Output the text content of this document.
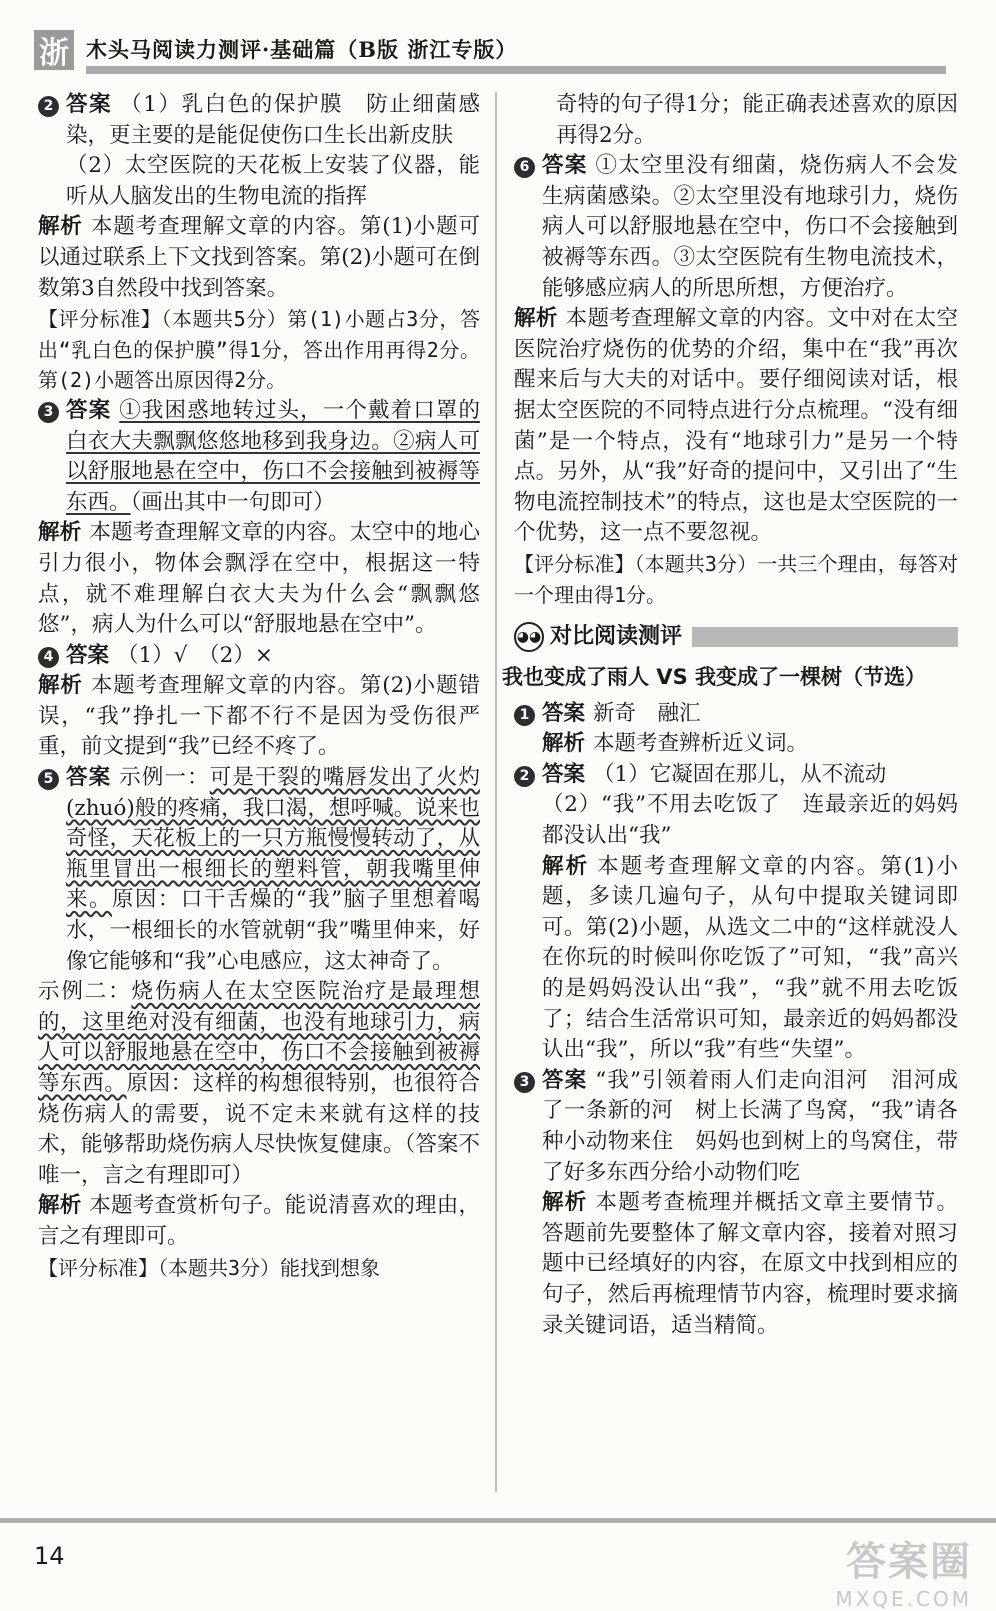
浙 木头马阅读力测评·基础篇（B版 浙江专版）
2 答案 （1）乳白色的保护膜　防止细菌感染，更主要的是能促使伤口生长出新皮肤

（2）太空医院的天花板上安装了仪器，能听从人脑发出的生物电流的指挥

解析 本题考查理解文章的内容。第(1)小题可以通过联系上下文找到答案。第(2)小题可在倒数第3自然段中找到答案。

【评分标准】（本题共5分）第(1)小题占3分，答出“乳白色的保护膜”得1分，答出作用再得2分。第(2)小题答出原因得2分。

3 答案 ①我困惑地转过头，一个戴着口罩的白衣大夫飘飘悠悠地移到我身边。②病人可以舒服地悬在空中，伤口不会接触到被褥等东西。（画出其中一句即可）

解析 本题考查理解文章的内容。太空中的地心引力很小，物体会飘浮在空中，根据这一特点，就不难理解白衣大夫为什么会“飘飘悠悠”，病人为什么可以“舒服地悬在空中”。

4 答案 （1）√　（2）×

解析 本题考查理解文章的内容。第(2)小题错误，“我”挣扎一下都不行不是因为受伤很严重，前文提到“我”已经不疼了。

5 答案 示例一：可是干裂的嘴唇发出了火灼(zhuó)般的疼痛，我口渴，想呼喊。说来也奇怪，天花板上的一只方瓶慢慢转动了，从瓶里冒出一根细长的塑料管，朝我嘴里伸来。原因：口干舌燥的“我”脑子里想着喝水，一根细长的水管就朝“我”嘴里伸来，好像它能够和“我”心电感应，这太神奇了。

示例二：烧伤病人在太空医院治疗是最理想的，这里绝对没有细菌，也没有地球引力，病人可以舒服地悬在空中，伤口不会接触到被褥等东西。原因：这样的构想很特别，也很符合烧伤病人的需要，说不定未来就有这样的技术，能够帮助烧伤病人尽快恢复健康。（答案不唯一，言之有理即可）

解析 本题考查赏析句子。能说清喜欢的理由，言之有理即可。

【评分标准】（本题共3分）能找到想象

奇特的句子得1分；能正确表述喜欢的原因再得2分。

6 答案 ①太空里没有细菌，烧伤病人不会发生病菌感染。②太空里没有地球引力，烧伤病人可以舒服地悬在空中，伤口不会接触到被褥等东西。③太空医院有生物电流技术，能够感应病人的所思所想，方便治疗。

解析 本题考查理解文章的内容。文中对在太空医院治疗烧伤的优势的介绍，集中在“我”再次醒来后与大夫的对话中。要仔细阅读对话，根据太空医院的不同特点进行分点梳理。“没有细菌”是一个特点，没有“地球引力”是另一个特点。另外，从“我”好奇的提问中，又引出了“生物电流控制技术”的特点，这也是太空医院的一个优势，这一点不要忽视。

【评分标准】（本题共3分）一共三个理由，每答对一个理由得1分。

◕◕ 对比阅读测评
我也变成了雨人 VS 我变成了一棵树（节选）
1 答案 新奇　融汇

解析 本题考查辨析近义词。

2 答案 （1）它凝固在那儿，从不流动

（2）“我”不用去吃饭了　连最亲近的妈妈都没认出“我”

解析 本题考查理解文章的内容。第(1)小题，多读几遍句子，从句中提取关键词即可。第(2)小题，从选文二中的“这样就没人在你玩的时候叫你吃饭了”可知，“我”高兴的是妈妈没认出“我”，“我”就不用去吃饭了；结合生活常识可知，最亲近的妈妈都没认出“我”，所以“我”有些“失望”。

3 答案 “我”引领着雨人们走向泪河　泪河成了一条新的河　树上长满了鸟窝，“我”请各种小动物来住　妈妈也到树上的鸟窝住，带了好多东西分给小动物们吃

解析 本题考查梳理并概括文章主要情节。答题前先要整体了解文章内容，接着对照习题中已经填好的内容，在原文中找到相应的句子，然后再梳理情节内容，梳理时要求摘录关键词语，适当精简。

14	答案圈
MXQE.COM
